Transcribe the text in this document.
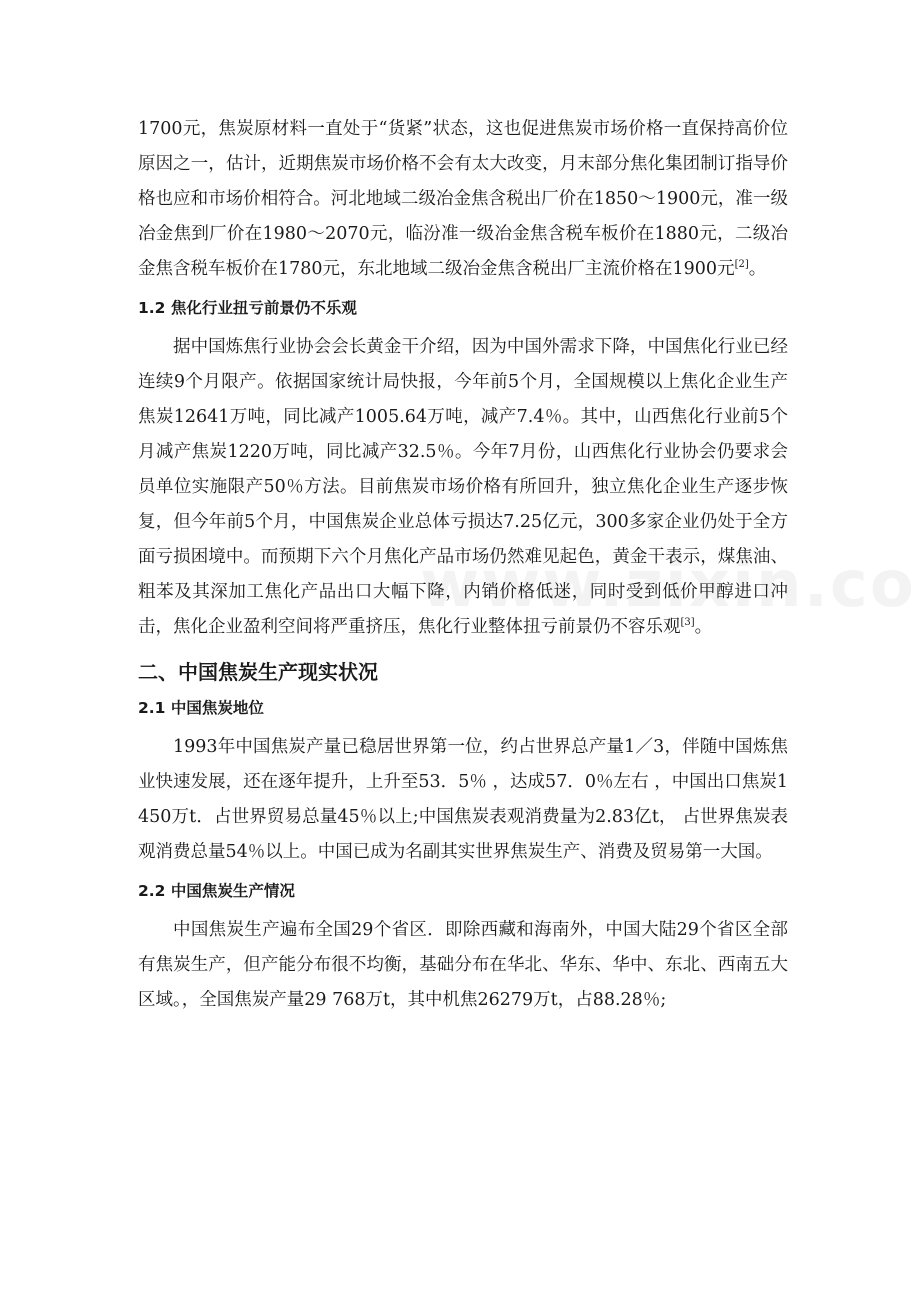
1700元，焦炭原材料一直处于“货紧”状态，这也促进焦炭市场价格一直保持高价位原因之一，估计，近期焦炭市场价格不会有太大改变，月末部分焦化集团制订指导价格也应和市场价相符合。河北地域二级冶金焦含税出厂价在1850～1900元，准一级冶金焦到厂价在1980～2070元，临汾准一级冶金焦含税车板价在1880元，二级冶金焦含税车板价在1780元，东北地域二级冶金焦含税出厂主流价格在1900元[2]。

1.2 焦化行业扭亏前景仍不乐观

据中国炼焦行业协会会长黄金干介绍，因为中国外需求下降，中国焦化行业已经连续9个月限产。依据国家统计局快报，今年前5个月，全国规模以上焦化企业生产焦炭12641万吨，同比减产1005.64万吨，减产7.4％。其中，山西焦化行业前5个月减产焦炭1220万吨，同比减产32.5％。今年7月份，山西焦化行业协会仍要求会员单位实施限产50％方法。目前焦炭市场价格有所回升，独立焦化企业生产逐步恢复，但今年前5个月，中国焦炭企业总体亏损达7.25亿元，300多家企业仍处于全方面亏损困境中。而预期下六个月焦化产品市场仍然难见起色，黄金干表示，煤焦油、粗苯及其深加工焦化产品出口大幅下降，内销价格低迷，同时受到低价甲醇进口冲击，焦化企业盈利空间将严重挤压，焦化行业整体扭亏前景仍不容乐观[3]。

二、中国焦炭生产现实状况
2.1 中国焦炭地位

1993年中国焦炭产量已稳居世界第一位，约占世界总产量1／3，伴随中国炼焦业快速发展，还在逐年提升，上升至53．5％ ，达成57．0％左右 ，中国出口焦炭1450万t．占世界贸易总量45％以上;中国焦炭表观消费量为2.83亿t， 占世界焦炭表观消费总量54％以上。中国已成为名副其实世界焦炭生产、消费及贸易第一大国。

2.2 中国焦炭生产情况

中国焦炭生产遍布全国29个省区．即除西藏和海南外，中国大陆29个省区全部有焦炭生产，但产能分布很不均衡，基础分布在华北、华东、华中、东北、西南五大区域。，全国焦炭产量29 768万t，其中机焦26279万t，占88.28％;
